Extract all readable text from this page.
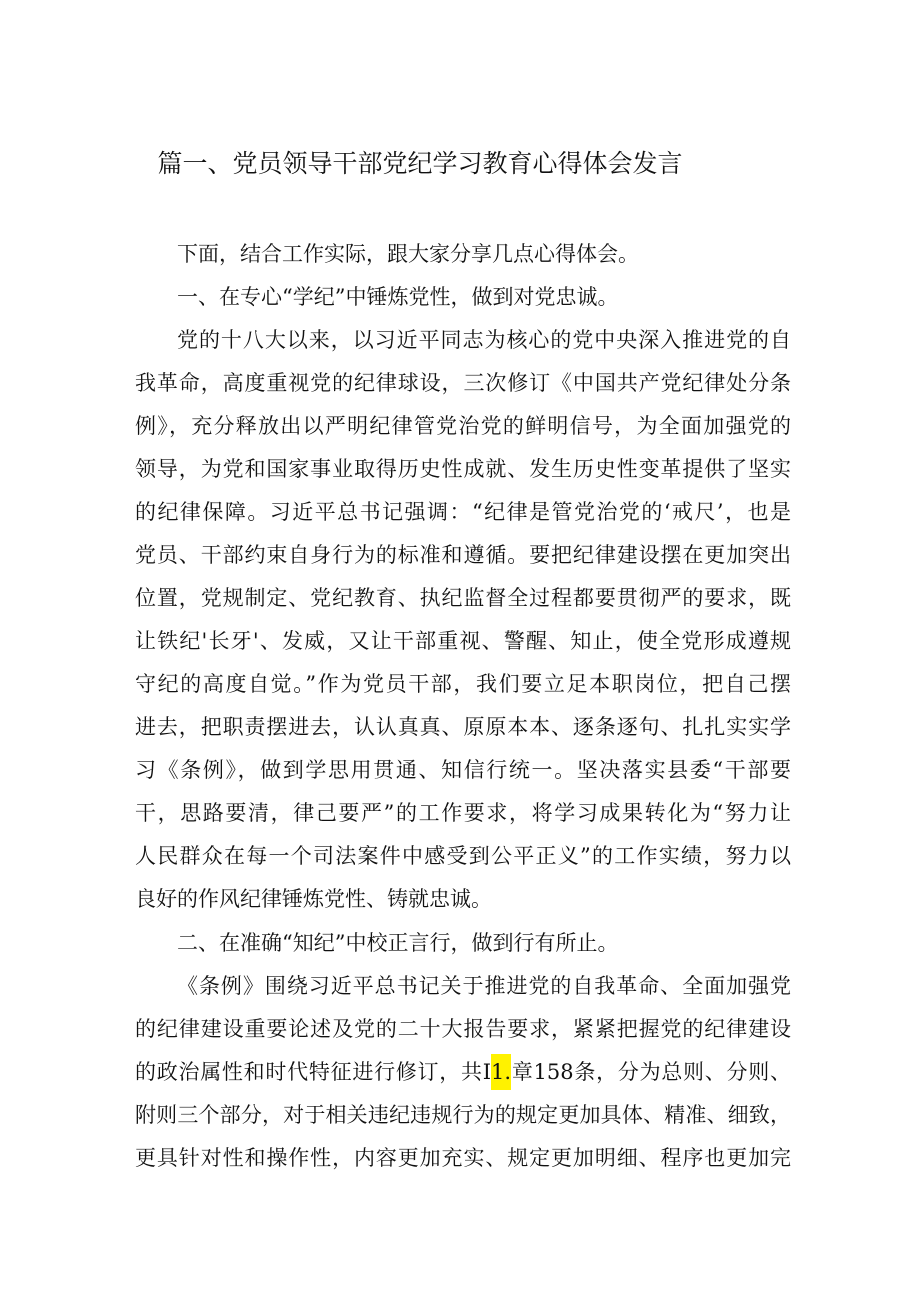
篇一、党员领导干部党纪学习教育心得体会发言
下面，结合工作实际，跟大家分享几点心得体会。
一、在专心“学纪”中锤炼党性，做到对党忠诚。
党的十八大以来，以习近平同志为核心的党中央深入推进党的自
我革命，高度重视党的纪律球设，三次修订《中国共产党纪律处分条
例》，充分释放出以严明纪律管党治党的鲜明信号，为全面加强党的
领导，为党和国家事业取得历史性成就、发生历史性变革提供了坚实
的纪律保障。习近平总书记强调：“纪律是管党治党的‘戒尺’，也是
党员、干部约束自身行为的标准和遵循。要把纪律建设摆在更加突出
位置，党规制定、党纪教育、执纪监督全过程都要贯彻严的要求，既
让铁纪'长牙'、发威，又让干部重视、警醒、知止，使全党形成遵规
守纪的高度自觉。”作为党员干部，我们要立足本职岗位，把自己摆
进去，把职责摆进去，认认真真、原原本本、逐条逐句、扎扎实实学
习《条例》，做到学思用贯通、知信行统一。坚决落实县委“干部要
干，思路要清，律己要严”的工作要求，将学习成果转化为“努力让
人民群众在每一个司法案件中感受到公平正义”的工作实绩，努力以
良好的作风纪律锤炼党性、铸就忠诚。
二、在准确“知纪”中校正言行，做到行有所止。
《条例》围绕习近平总书记关于推进党的自我革命、全面加强党
的纪律建设重要论述及党的二十大报告要求，紧紧把握党的纪律建设
的政治属性和时代特征进行修订，共I1.章158条，分为总则、分则、
附则三个部分，对于相关违纪违规行为的规定更加具体、精准、细致，
更具针对性和操作性，内容更加充实、规定更加明细、程序也更加完
